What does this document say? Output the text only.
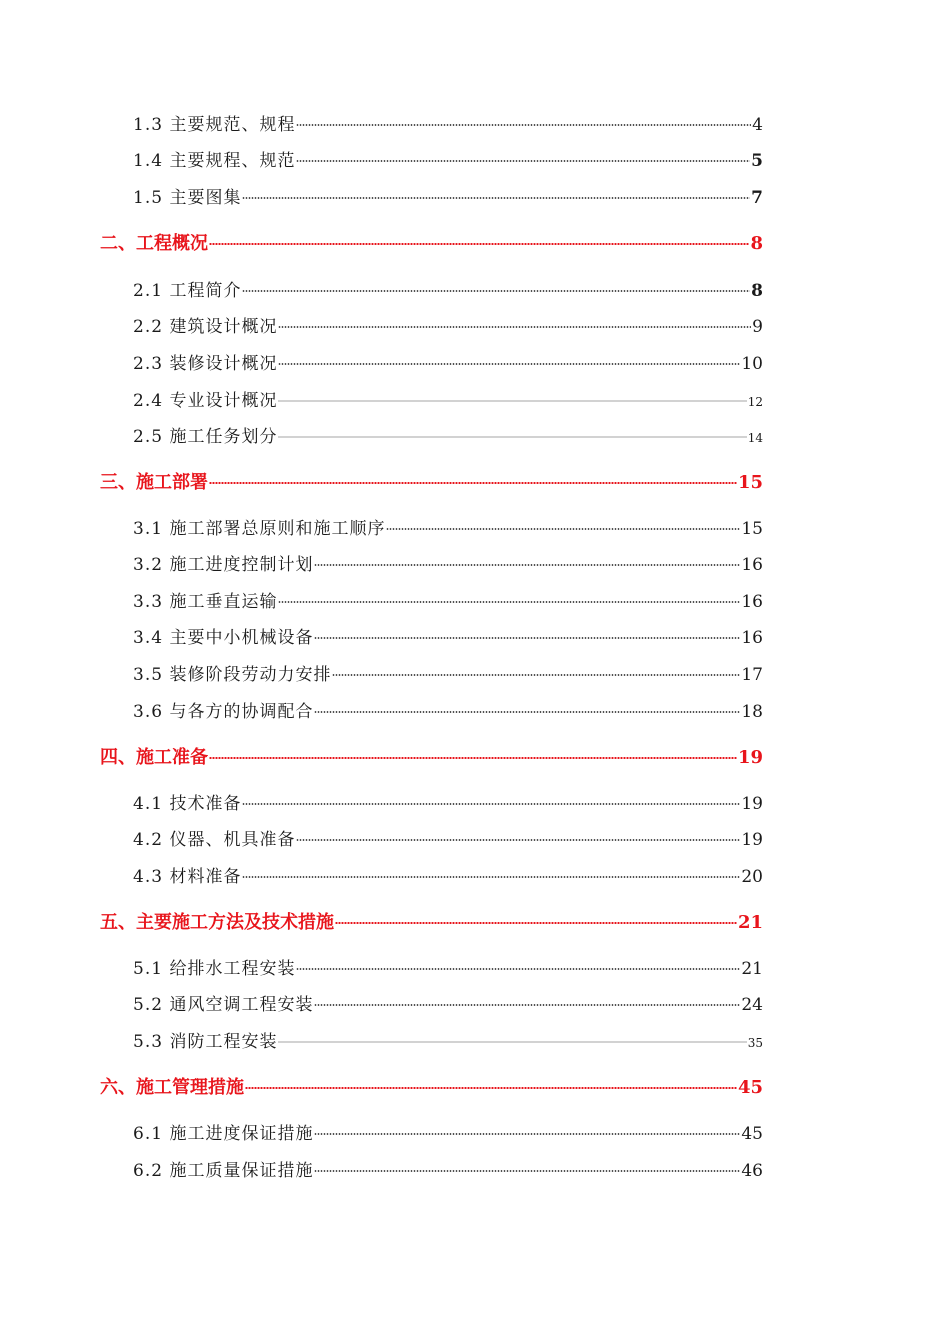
1.3 主要规范、规程	4
1.4 主要规程、规范	5
1.5 主要图集	7
二、工程概况	8
2.1 工程简介	8
2.2 建筑设计概况	9
2.3 装修设计概况	10
2.4 专业设计概况	12
2.5 施工任务划分	14
三、施工部署	15
3.1 施工部署总原则和施工顺序	15
3.2 施工进度控制计划	16
3.3 施工垂直运输	16
3.4 主要中小机械设备	16
3.5 装修阶段劳动力安排	17
3.6 与各方的协调配合	18
四、施工准备	19
4.1 技术准备	19
4.2 仪器、机具准备	19
4.3 材料准备	20
五、主要施工方法及技术措施	21
5.1 给排水工程安装	21
5.2 通风空调工程安装	24
5.3 消防工程安装	35
六、施工管理措施	45
6.1 施工进度保证措施	45
6.2 施工质量保证措施	46
